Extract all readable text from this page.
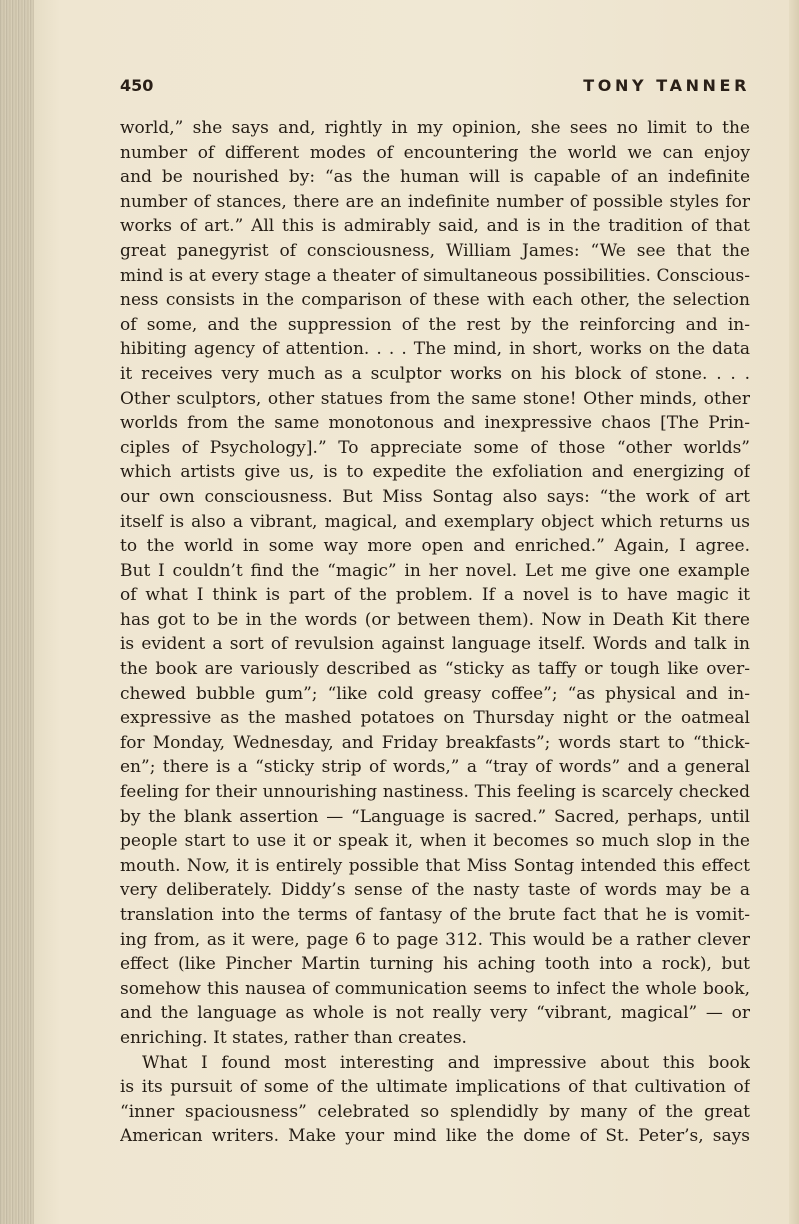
450	TONY TANNER
world,” she says and, rightly in my opinion, she sees no limit to the
number of different modes of encountering the world we can enjoy
and be nourished by: “as the human will is capable of an indefinite
number of stances, there are an indefinite number of possible styles for
works of art.” All this is admirably said, and is in the tradition of that
great panegyrist of consciousness, William James: “We see that the
mind is at every stage a theater of simultaneous possibilities. Conscious-
ness consists in the comparison of these with each other, the selection
of some, and the suppression of the rest by the reinforcing and in-
hibiting agency of attention. . . . The mind, in short, works on the data
it receives very much as a sculptor works on his block of stone. . . .
Other sculptors, other statues from the same stone! Other minds, other
worlds from the same monotonous and inexpressive chaos [The Prin-
ciples of Psychology].” To appreciate some of those “other worlds”
which artists give us, is to expedite the exfoliation and energizing of
our own consciousness. But Miss Sontag also says: “the work of art
itself is also a vibrant, magical, and exemplary object which returns us
to the world in some way more open and enriched.” Again, I agree.
But I couldn’t find the “magic” in her novel. Let me give one example
of what I think is part of the problem. If a novel is to have magic it
has got to be in the words (or between them). Now in Death Kit there
is evident a sort of revulsion against language itself. Words and talk in
the book are variously described as “sticky as taffy or tough like over-
chewed bubble gum”; “like cold greasy coffee”; “as physical and in-
expressive as the mashed potatoes on Thursday night or the oatmeal
for Monday, Wednesday, and Friday breakfasts”; words start to “thick-
en”; there is a “sticky strip of words,” a “tray of words” and a general
feeling for their unnourishing nastiness. This feeling is scarcely checked
by the blank assertion — “Language is sacred.” Sacred, perhaps, until
people start to use it or speak it, when it becomes so much slop in the
mouth. Now, it is entirely possible that Miss Sontag intended this effect
very deliberately. Diddy’s sense of the nasty taste of words may be a
translation into the terms of fantasy of the brute fact that he is vomit-
ing from, as it were, page 6 to page 312. This would be a rather clever
effect (like Pincher Martin turning his aching tooth into a rock), but
somehow this nausea of communication seems to infect the whole book,
and the language as whole is not really very “vibrant, magical” — or
enriching. It states, rather than creates.
What I found most interesting and impressive about this book
is its pursuit of some of the ultimate implications of that cultivation of
“inner spaciousness” celebrated so splendidly by many of the great
American writers. Make your mind like the dome of St. Peter’s, says
